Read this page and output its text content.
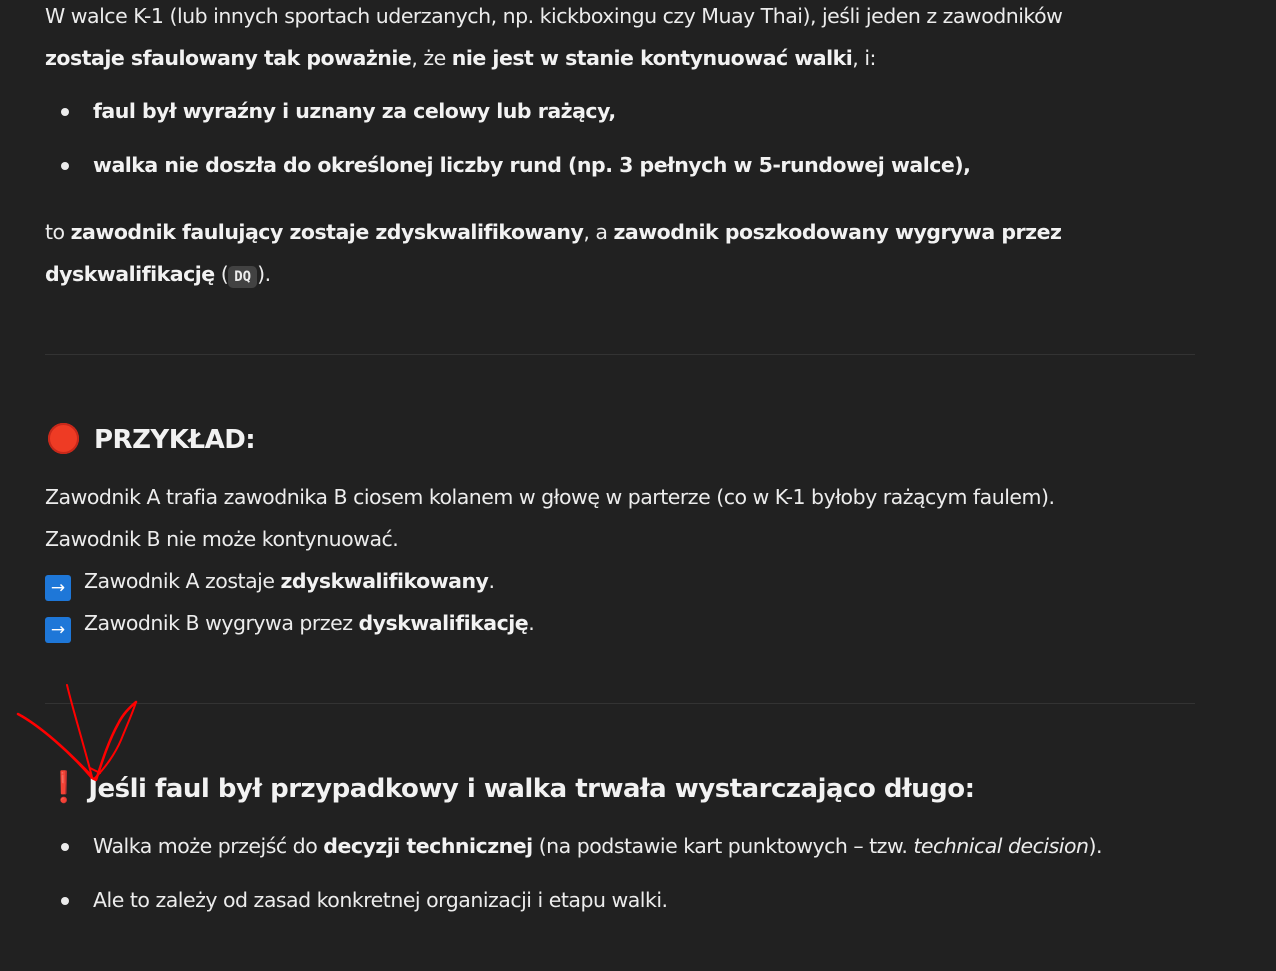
W walce K-1 (lub innych sportach uderzanych, np. kickboxingu czy Muay Thai), jeśli jeden z zawodników

zostaje sfaulowany tak poważnie, że nie jest w stanie kontynuować walki, i:

faul był wyraźny i uznany za celowy lub rażący,
walka nie doszła do określonej liczby rund (np. 3 pełnych w 5-rundowej walce),

to zawodnik faulujący zostaje zdyskwalifikowany, a zawodnik poszkodowany wygrywa przez

dyskwalifikację ( DQ ).

PRZYKŁAD:

Zawodnik A trafia zawodnika B ciosem kolanem w głowę w parterze (co w K-1 byłoby rażącym faulem).

Zawodnik B nie może kontynuować.

→ Zawodnik A zostaje zdyskwalifikowany.

→ Zawodnik B wygrywa przez dyskwalifikację.

❗ Jeśli faul był przypadkowy i walka trwała wystarczająco długo:
Walka może przejść do decyzji technicznej (na podstawie kart punktowych – tzw. technical decision).
Ale to zależy od zasad konkretnej organizacji i etapu walki.
